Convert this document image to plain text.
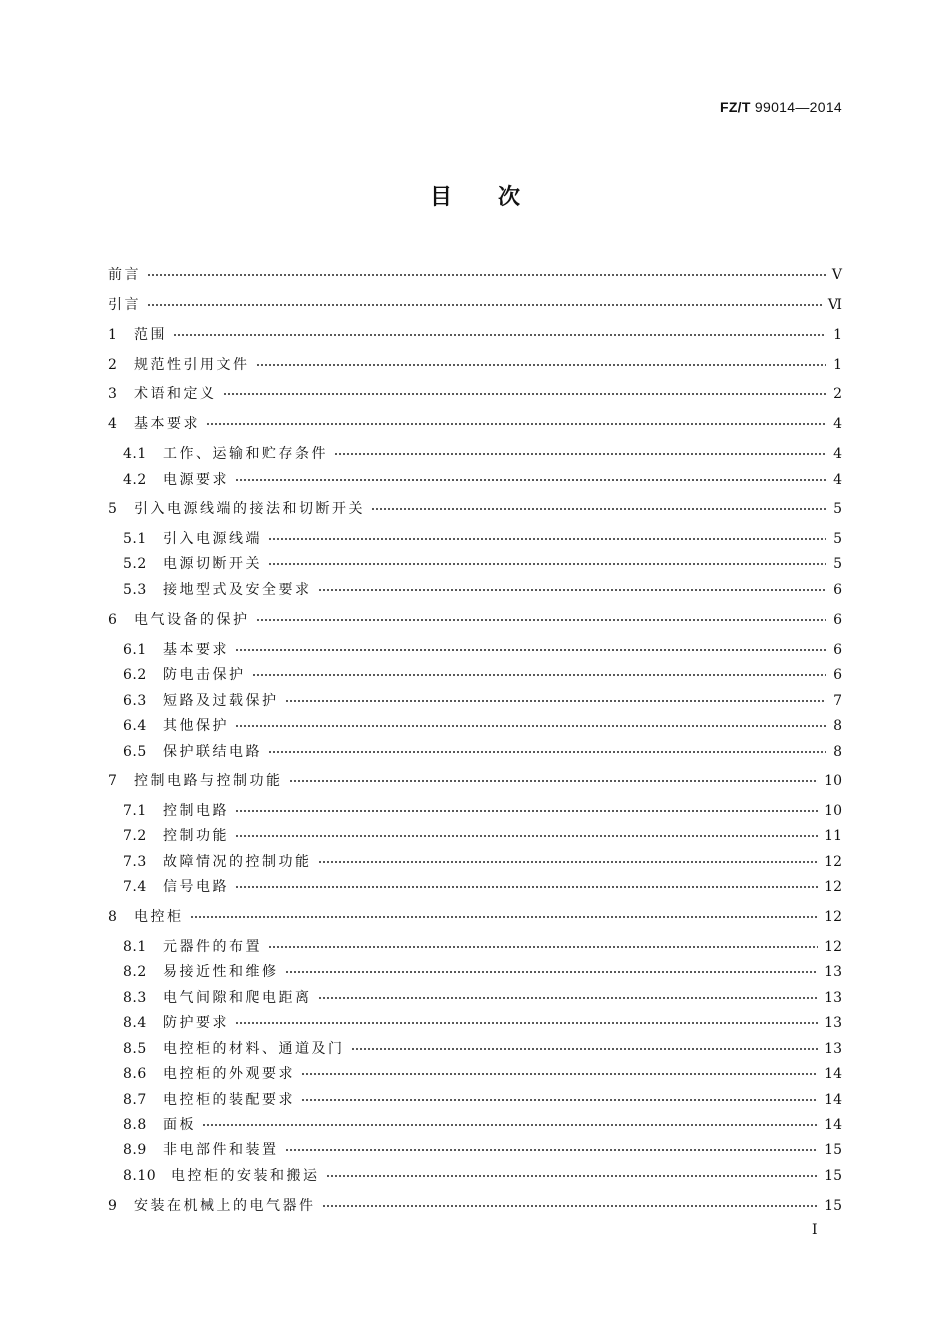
FZ/T 99014—2014
目次
前言	Ⅴ
引言	Ⅵ
1	范围	1
2	规范性引用文件	1
3	术语和定义	2
4	基本要求	4
4.1	工作、运输和贮存条件	4
4.2	电源要求	4
5	引入电源线端的接法和切断开关	5
5.1	引入电源线端	5
5.2	电源切断开关	5
5.3	接地型式及安全要求	6
6	电气设备的保护	6
6.1	基本要求	6
6.2	防电击保护	6
6.3	短路及过载保护	7
6.4	其他保护	8
6.5	保护联结电路	8
7	控制电路与控制功能	10
7.1	控制电路	10
7.2	控制功能	11
7.3	故障情况的控制功能	12
7.4	信号电路	12
8	电控柜	12
8.1	元器件的布置	12
8.2	易接近性和维修	13
8.3	电气间隙和爬电距离	13
8.4	防护要求	13
8.5	电控柜的材料、通道及门	13
8.6	电控柜的外观要求	14
8.7	电控柜的装配要求	14
8.8	面板	14
8.9	非电部件和装置	15
8.10	电控柜的安装和搬运	15
9	安装在机械上的电气器件	15
I
